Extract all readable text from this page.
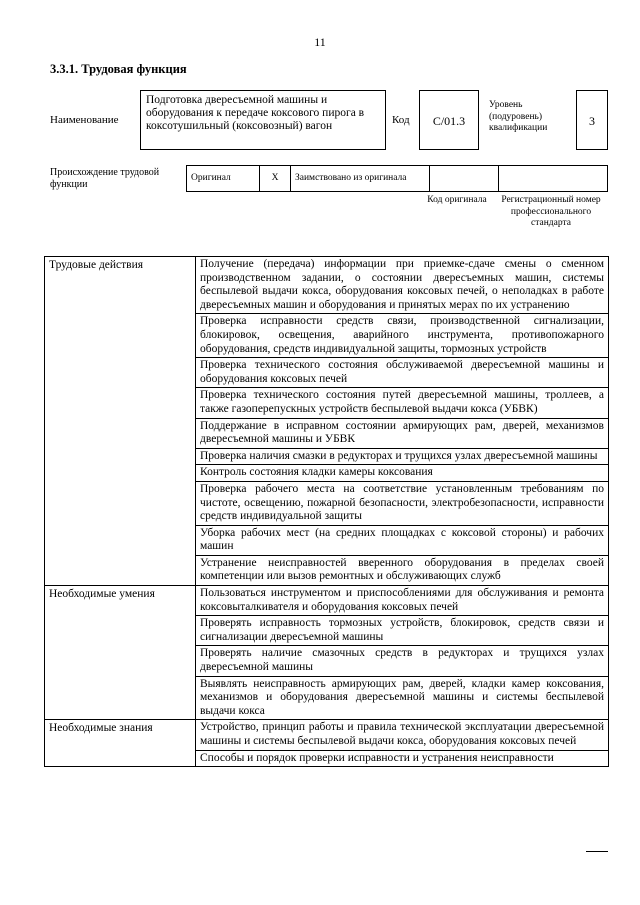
11
3.3.1. Трудовая функция
Наименование
Подготовка двересъемной машины и оборудования к передаче коксового пирога в коксотушильный (коксовозный) вагон	Код	С/01.3
Уровень
(подуровень)
квалификации	3
Происхождение трудовой функции
Оригинал	X	Заимствовано из оригинала		
Код оригинала	Регистрационный номер профессионального стандарта
Трудовые действия	Получение (передача) информации при приемке-сдаче смены о сменном производственном задании, о состоянии двересъемных машин, системы беспылевой выдачи кокса, оборудования коксовых печей, о неполадках в работе двересъемных машин и оборудования и принятых мерах по их устранению
	Проверка исправности средств связи, производственной сигнализации, блокировок, освещения, аварийного инструмента, противопожарного оборудования, средств индивидуальной защиты, тормозных устройств
	Проверка технического состояния обслуживаемой двересъемной машины и оборудования коксовых печей
	Проверка технического состояния путей двересъемной машины, троллеев, а также газоперепускных устройств беспылевой выдачи кокса (УБВК)
	Поддержание в исправном состоянии армирующих рам, дверей, механизмов двересъемной машины и УБВК
	Проверка наличия смазки в редукторах и трущихся узлах двересъемной машины
	Контроль состояния кладки камеры коксования
	Проверка рабочего места на соответствие установленным требованиям по чистоте, освещению, пожарной безопасности, электробезопасности, исправности средств индивидуальной защиты
	Уборка рабочих мест (на средних площадках с коксовой стороны) и рабочих машин
	Устранение неисправностей вверенного оборудования в пределах своей компетенции или вызов ремонтных и обслуживающих служб
Необходимые умения	Пользоваться инструментом и приспособлениями для обслуживания и ремонта коксовыталкивателя и оборудования коксовых печей
	Проверять исправность тормозных устройств, блокировок, средств связи и сигнализации двересъемной машины
	Проверять наличие смазочных средств в редукторах и трущихся узлах двересъемной машины
	Выявлять неисправность армирующих рам, дверей, кладки камер коксования, механизмов и оборудования двересъемной машины и системы беспылевой выдачи кокса
Необходимые знания	Устройство, принцип работы и правила технической эксплуатации двересъемной машины и системы беспылевой выдачи кокса, оборудования коксовых печей
	Способы и порядок проверки исправности и устранения неисправности
